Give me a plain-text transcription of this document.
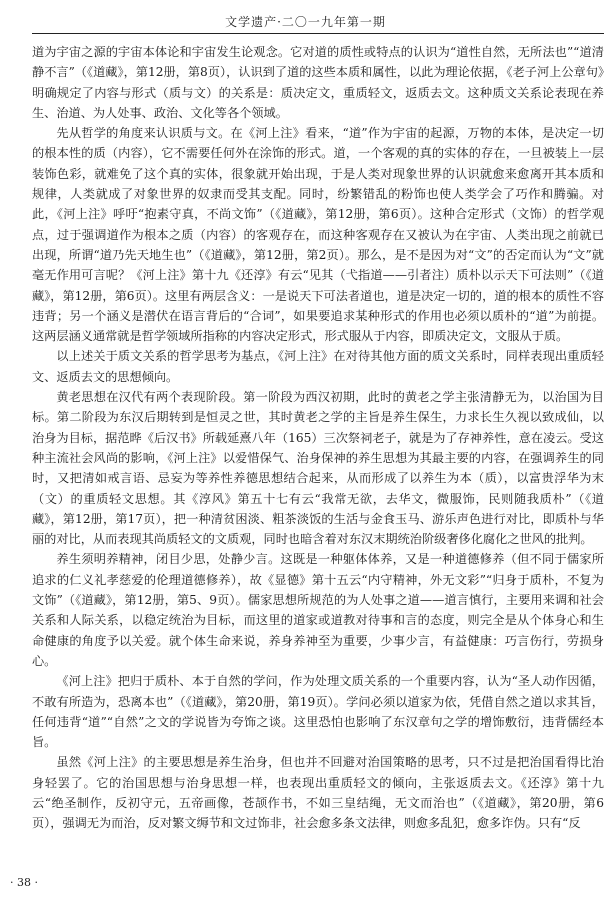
文学遗产·二〇一九年第一期

道为宇宙之源的宇宙本体论和宇宙发生论观念。它对道的质性或特点的认识为“道性自然，无所法也”“道清静不言”（《道藏》，第12册，第8页），认识到了道的这些本质和属性，以此为理论依据，《老子河上公章句》明确规定了内容与形式（质与文）的关系是：质决定文，重质轻文，返质去文。这种质文关系论表现在养生、治道、为人处事、政治、文化等各个领域。

先从哲学的角度来认识质与文。在《河上注》看来，“道”作为宇宙的起源，万物的本体，是决定一切的根本性的质（内容），它不需要任何外在涂饰的形式。道，一个客观的真的实体的存在，一旦被装上一层装饰色彩，就难免了这个真的实体，很象就开始出现，于是人类对现象世界的认识就愈来愈离开其本质和规律，人类就成了对象世界的奴隶而受其支配。同时，纷繁错乱的粉饰也使人类学会了巧作和腾骗。对此，《河上注》呼吁“抱素守真，不尚文饰”（《道藏》，第12册，第6页）。这种合定形式（文饰）的哲学观点，过于强调道作为根本之质（内容）的客观存在，而这种客观存在又被认为在宇宙、人类出现之前就已出现，所谓“道乃先天地生也”（《道藏》，第12册，第2页）。那么，是不是因为对“文”的否定而认为“文”就毫无作用可言呢？《河上注》第十九《还淳》有云“见其（弋指道——引者注）质朴以示天下可法则”（《道藏》，第12册，第6页）。这里有两层含义：一是说天下可法者道也，道是决定一切的，道的根本的质性不容违背；另一个涵义是潜伏在语言背后的“合词”，如果要追求某种形式的作用也必须以质朴的“道”为前提。这两层涵义通常就是哲学领域所指称的内容决定形式，形式服从于内容，即质决定文，文服从于质。

以上述关于质文关系的哲学思考为基点，《河上注》在对待其他方面的质文关系时，同样表现出重质轻文、返质去文的思想倾向。

黄老思想在汉代有两个表现阶段。第一阶段为西汉初期，此时的黄老之学主张清静无为，以治国为目标。第二阶段为东汉后期转到是恒灵之世，其时黄老之学的主旨是养生保生，力求长生久视以致成仙，以治身为目标，据范晔《后汉书》所载延熹八年（165）三次祭祠老子，就是为了存神养性，意在凌云。受这种主流社会风尚的影响，《河上注》以爱惜保气、治身保神的养生思想为其最主要的内容，在强调养生的同时，又把清如戒言语、忌妄为等养性养德思想结合起来，从而形成了以养生为本（质），以富贵浮华为末（文）的重质轻文思想。其《淳风》第五十七有云“我常无欲，去华文，微服饰，民则随我质朴”（《道藏》，第12册，第17页），把一种清贫困淡、粗茶淡饭的生活与金食玉马、游乐声色进行对比，即质朴与华丽的对比，从而表现其尚质轻文的文质观，同时也暗含着对东汉末期统治阶级奢侈化腐化之世风的批判。

养生须明养精神，闭目少思，处静少言。这既是一种躯体体养，又是一种道德修养（但不同于儒家所追求的仁义礼孝慈爱的伦理道德修养），故《显德》第十五云“内守精神，外无文彩”“归身于质朴，不复为文饰”（《道藏》，第12册，第5、9页）。儒家思想所规范的为人处事之道——道言慎行，主要用来调和社会关系和人际关系，以稳定统治为目标，而这里的道家或道教对待事和言的态度，则完全是从个体身心和生命健康的角度予以关爱。就个体生命来说，养身养神至为重要，少事少言，有益健康：巧言伤行，劳损身心。

《河上注》把归于质朴、本于自然的学问，作为处理文质关系的一个重要内容，认为“圣人动作因循，不敢有所造为，恐离本也”（《道藏》，第20册，第19页）。学问必须以道家为依，凭借自然之道以求其旨，任何违背“道”“自然”之文的学说皆为夸饰之谈。这里恐怕也影响了东汉章句之学的增饰敷衍，违背儒经本旨。

虽然《河上注》的主要思想是养生治身，但也并不回避对治国策略的思考，只不过是把治国看得比治身轻罢了。它的治国思想与治身思想一样，也表现出重质轻文的倾向，主张返质去文。《还淳》第十九云“绝圣制作，反初守元，五帝画像，苍颉作书，不如三皇结绳，无文而治也”（《道藏》，第20册，第6页），强调无为而治，反对繁文缛节和文过饰非，社会愈多条文法律，则愈多乱犯，愈多诈伪。只有“反

· 38 ·
